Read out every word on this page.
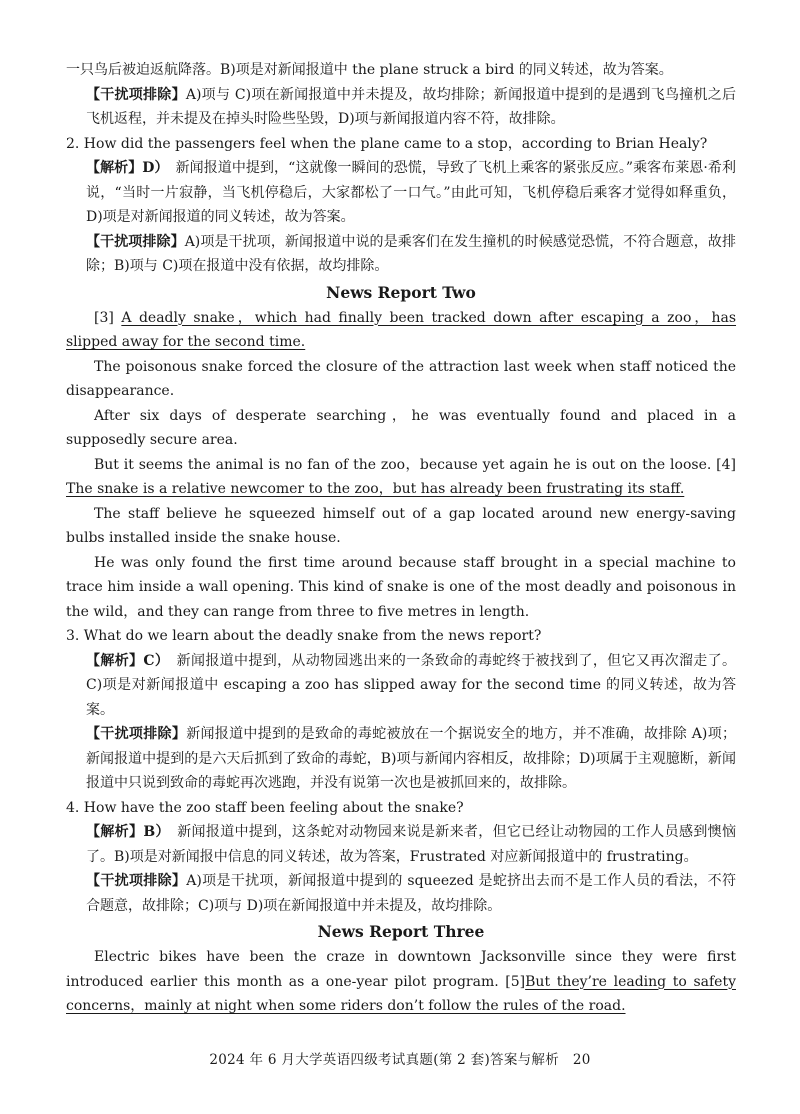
一只鸟后被迫返航降落。B)项是对新闻报道中 the plane struck a bird 的同义转述，故为答案。

【干扰项排除】A)项与 C)项在新闻报道中并未提及，故均排除；新闻报道中提到的是遇到飞鸟撞机之后飞机返程，并未提及在掉头时险些坠毁，D)项与新闻报道内容不符，故排除。

2. How did the passengers feel when the plane came to a stop，according to Brian Healy?

【解析】D）　新闻报道中提到，“这就像一瞬间的恐慌，导致了飞机上乘客的紧张反应。”乘客布莱恩·希利说，“当时一片寂静，当飞机停稳后，大家都松了一口气。”由此可知，飞机停稳后乘客才觉得如释重负，D)项是对新闻报道的同义转述，故为答案。

【干扰项排除】A)项是干扰项，新闻报道中说的是乘客们在发生撞机的时候感觉恐慌，不符合题意，故排除；B)项与 C)项在报道中没有依据，故均排除。

News Report Two

[3] A deadly snake，which had finally been tracked down after escaping a zoo，has slipped away for the second time.

The poisonous snake forced the closure of the attraction last week when staff noticed the disappearance.

After six days of desperate searching，he was eventually found and placed in a supposedly secure area.

But it seems the animal is no fan of the zoo，because yet again he is out on the loose. [4] The snake is a relative newcomer to the zoo，but has already been frustrating its staff.

The staff believe he squeezed himself out of a gap located around new energy-saving bulbs installed inside the snake house.

He was only found the first time around because staff brought in a special machine to trace him inside a wall opening. This kind of snake is one of the most deadly and poisonous in the wild，and they can range from three to five metres in length.

3. What do we learn about the deadly snake from the news report?

【解析】C）　新闻报道中提到，从动物园逃出来的一条致命的毒蛇终于被找到了，但它又再次溜走了。C)项是对新闻报道中 escaping a zoo has slipped away for the second time 的同义转述，故为答案。

【干扰项排除】新闻报道中提到的是致命的毒蛇被放在一个据说安全的地方，并不准确，故排除 A)项；新闻报道中提到的是六天后抓到了致命的毒蛇，B)项与新闻内容相反，故排除；D)项属于主观臆断，新闻报道中只说到致命的毒蛇再次逃跑，并没有说第一次也是被抓回来的，故排除。

4. How have the zoo staff been feeling about the snake?

【解析】B）　新闻报道中提到，这条蛇对动物园来说是新来者，但它已经让动物园的工作人员感到懊恼了。B)项是对新闻报中信息的同义转述，故为答案，Frustrated 对应新闻报道中的 frustrating。

【干扰项排除】A)项是干扰项，新闻报道中提到的 squeezed 是蛇挤出去而不是工作人员的看法，不符合题意，故排除；C)项与 D)项在新闻报道中并未提及，故均排除。

News Report Three

Electric bikes have been the craze in downtown Jacksonville since they were first introduced earlier this month as a one-year pilot program. [5]But they’re leading to safety concerns，mainly at night when some riders don’t follow the rules of the road.

2024 年 6 月大学英语四级考试真题(第 2 套)答案与解析　20
